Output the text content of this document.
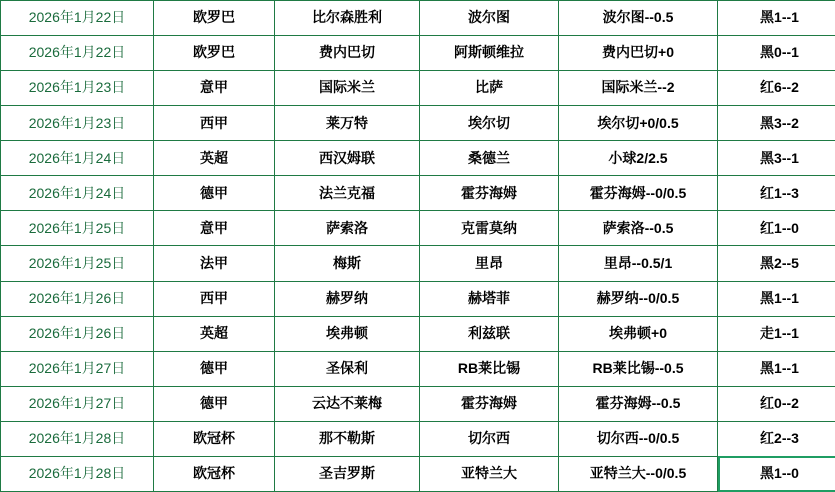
2026年1月22日	欧罗巴	比尔森胜利	波尔图	波尔图--0.5	黑1--1

2026年1月22日	欧罗巴	费内巴切	阿斯顿维拉	费内巴切+0	黑0--1

2026年1月23日	意甲	国际米兰	比萨	国际米兰--2	红6--2

2026年1月23日	西甲	莱万特	埃尔切	埃尔切+0/0.5	黑3--2

2026年1月24日	英超	西汉姆联	桑德兰	小球2/2.5	黑3--1

2026年1月24日	德甲	法兰克福	霍芬海姆	霍芬海姆--0/0.5	红1--3

2026年1月25日	意甲	萨索洛	克雷莫纳	萨索洛--0.5	红1--0

2026年1月25日	法甲	梅斯	里昂	里昂--0.5/1	黑2--5

2026年1月26日	西甲	赫罗纳	赫塔菲	赫罗纳--0/0.5	黑1--1

2026年1月26日	英超	埃弗顿	利兹联	埃弗顿+0	走1--1

2026年1月27日	德甲	圣保利	RB莱比锡	RB莱比锡--0.5	黑1--1

2026年1月27日	德甲	云达不莱梅	霍芬海姆	霍芬海姆--0.5	红0--2

2026年1月28日	欧冠杯	那不勒斯	切尔西	切尔西--0/0.5	红2--3

2026年1月28日	欧冠杯	圣吉罗斯	亚特兰大	亚特兰大--0/0.5	黑1--0
